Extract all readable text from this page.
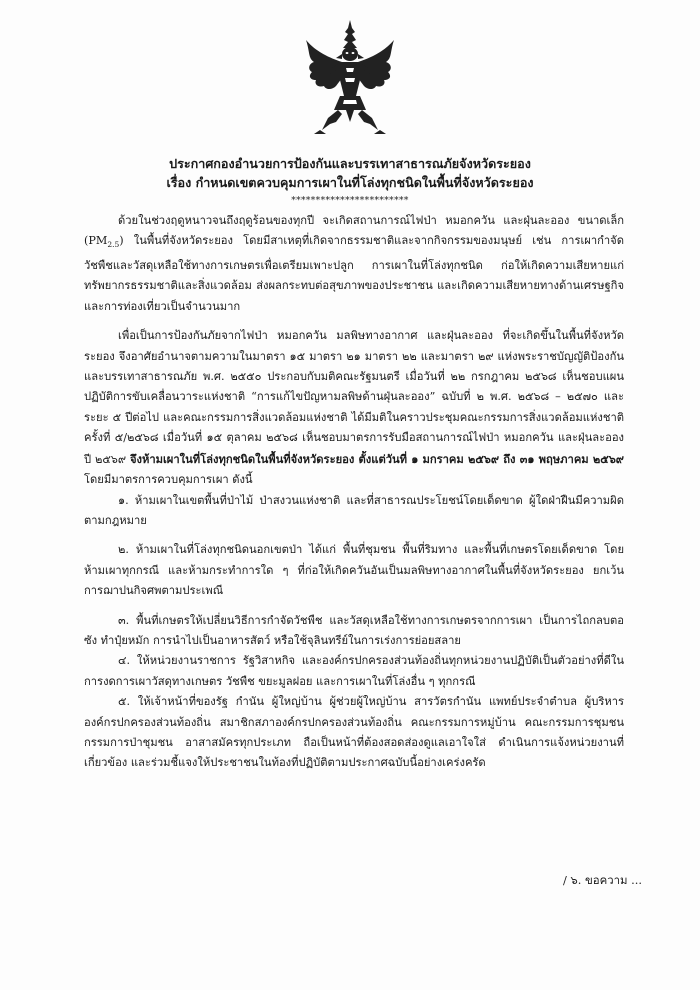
ประกาศกองอำนวยการป้องกันและบรรเทาสาธารณภัยจังหวัดระยอง
เรื่อง กำหนดเขตควบคุมการเผาในที่โล่งทุกชนิดในพื้นที่จังหวัดระยอง
************************

ด้วยในช่วงฤดูหนาวจนถึงฤดูร้อนของทุกปี จะเกิดสถานการณ์ไฟป่า หมอกควัน และฝุ่นละออง ขนาดเล็ก $(PM_{2.5})$ ในพื้นที่จังหวัดระยอง โดยมีสาเหตุที่เกิดจากธรรมชาติและจากกิจกรรมของมนุษย์ เช่น การเผากำจัดวัชพืชและวัสดุเหลือใช้ทางการเกษตรเพื่อเตรียมเพาะปลูก การเผาในที่โล่งทุกชนิด ก่อให้เกิดความเสียหายแก่ทรัพยากรธรรมชาติและสิ่งแวดล้อม ส่งผลกระทบต่อสุขภาพของประชาชน และเกิดความเสียหายทางด้านเศรษฐกิจและการท่องเที่ยวเป็นจำนวนมาก

เพื่อเป็นการป้องกันภัยจากไฟป่า หมอกควัน มลพิษทางอากาศ และฝุ่นละออง ที่จะเกิดขึ้นในพื้นที่จังหวัดระยอง จึงอาศัยอำนาจตามความในมาตรา ๑๕ มาตรา ๒๑ มาตรา ๒๒ และมาตรา ๒๙ แห่งพระราชบัญญัติป้องกันและบรรเทาสาธารณภัย พ.ศ. ๒๕๕๐ ประกอบกับมติคณะรัฐมนตรี เมื่อวันที่ ๒๒ กรกฎาคม ๒๕๖๘ เห็นชอบแผนปฏิบัติการขับเคลื่อนวาระแห่งชาติ “การแก้ไขปัญหามลพิษด้านฝุ่นละออง” ฉบับที่ ๒ พ.ศ. ๒๕๖๘ – ๒๕๗๐ และระยะ ๕ ปีต่อไป และคณะกรรมการสิ่งแวดล้อมแห่งชาติ ได้มีมติในคราวประชุมคณะกรรมการสิ่งแวดล้อมแห่งชาติ ครั้งที่ ๕/๒๕๖๘ เมื่อวันที่ ๑๕ ตุลาคม ๒๕๖๘ เห็นชอบมาตรการรับมือสถานการณ์ไฟป่า หมอกควัน และฝุ่นละออง ปี ๒๕๖๙ จึงห้ามเผาในที่โล่งทุกชนิดในพื้นที่จังหวัดระยอง ตั้งแต่วันที่ ๑ มกราคม ๒๕๖๙ ถึง ๓๑ พฤษภาคม ๒๕๖๙ โดยมีมาตรการควบคุมการเผา ดังนี้

๑. ห้ามเผาในเขตพื้นที่ป่าไม้ ป่าสงวนแห่งชาติ และที่สาธารณประโยชน์โดยเด็ดขาด ผู้ใดฝ่าฝืนมีความผิดตามกฎหมาย

๒. ห้ามเผาในที่โล่งทุกชนิดนอกเขตป่า ได้แก่ พื้นที่ชุมชน พื้นที่ริมทาง และพื้นที่เกษตรโดยเด็ดขาด โดยห้ามเผาทุกกรณี และห้ามกระทำการใด ๆ ที่ก่อให้เกิดควันอันเป็นมลพิษทางอากาศในพื้นที่จังหวัดระยอง ยกเว้น การฌาปนกิจศพตามประเพณี

๓. พื้นที่เกษตรให้เปลี่ยนวิธีการกำจัดวัชพืช และวัสดุเหลือใช้ทางการเกษตรจากการเผา เป็นการไถกลบตอซัง ทำปุ๋ยหมัก การนำไปเป็นอาหารสัตว์ หรือใช้จุลินทรีย์ในการเร่งการย่อยสลาย

๔. ให้หน่วยงานราชการ รัฐวิสาหกิจ และองค์กรปกครองส่วนท้องถิ่นทุกหน่วยงานปฏิบัติเป็นตัวอย่างที่ดีในการงดการเผาวัสดุทางเกษตร วัชพืช ขยะมูลฝอย และการเผาในที่โล่งอื่น ๆ ทุกกรณี

๕. ให้เจ้าหน้าที่ของรัฐ กำนัน ผู้ใหญ่บ้าน ผู้ช่วยผู้ใหญ่บ้าน สารวัตรกำนัน แพทย์ประจำตำบล ผู้บริหารองค์กรปกครองส่วนท้องถิ่น สมาชิกสภาองค์กรปกครองส่วนท้องถิ่น คณะกรรมการหมู่บ้าน คณะกรรมการชุมชน กรรมการป่าชุมชน อาสาสมัครทุกประเภท ถือเป็นหน้าที่ต้องสอดส่องดูแลเอาใจใส่ ดำเนินการแจ้งหน่วยงานที่เกี่ยวข้อง และร่วมชี้แจงให้ประชาชนในท้องที่ปฏิบัติตามประกาศฉบับนี้อย่างเคร่งครัด

/ ๖. ขอความ ...
